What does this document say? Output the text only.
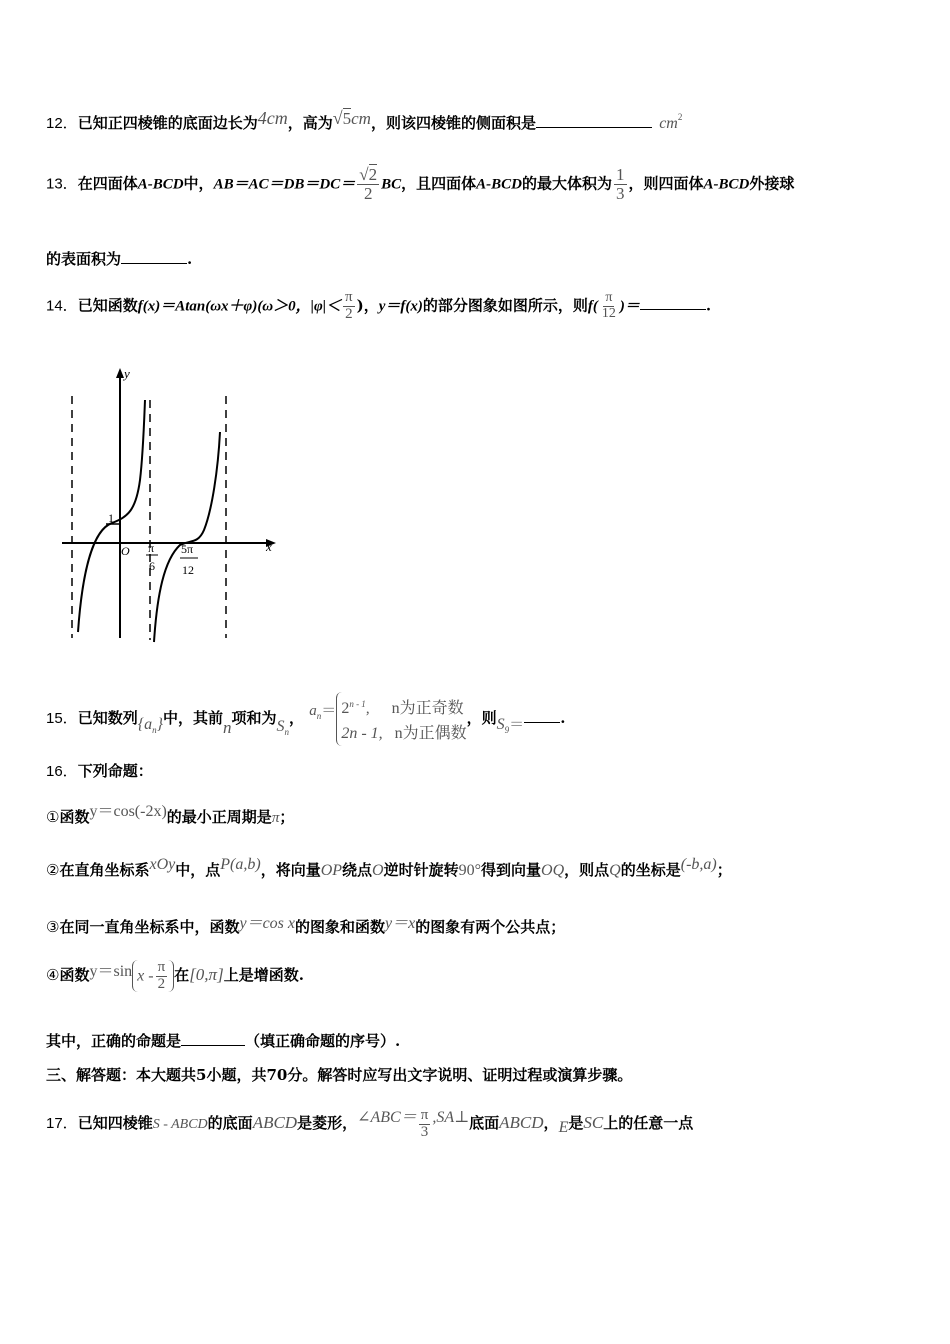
12．已知正四棱锥的底面边长为4cm，高为√5cm，则该四棱锥的侧面积是	$cm^2$
13．在四面体A-BCD中，$AB=AC=DB=DC= \frac{√2}{2}$ BC，且四面体A-BCD的最大体积为 $\frac{1}{3}$ ，则四面体A-BCD外接球
的表面积为	.
14．已知函数f(x)＝Atan(ωx＋φ)(ω＞0，$|\varphi|< \frac{\pi}{2}$ )，y＝f(x)的部分图象如图所示，则$f( \frac{\pi}{12}$ )＝	.
y
x
1
O π
6
5π
12
15．已知数列$\{a_n\}$中，其前n项和为$S_n$， $a_n= 2^{n - 1}$, n为正奇数
2n - 1, n为正偶数
，则$S_9=$ .
16．下列命题：
①函数y＝cos(-2x)的最小正周期是π；
②在直角坐标系xOy中，点P(a,b)，将向量OP绕点O逆时针旋转90°得到向量OQ，则点Q的坐标是(-b,a)；
③在同一直角坐标系中，函数y＝cos x的图象和函数y＝x的图象有两个公共点；
④函数y＝sin x - $\frac{\pi}{2}$ 在[0,π]上是增函数.
其中，正确的命题是	（填正确命题的序号）.
三、解答题：本大题共5小题，共70分。解答时应写出文字说明、证明过程或演算步骤。
17．已知四棱锥S - ABCD的底面ABCD是菱形，∠ABC＝ $\frac{\pi}{3}$ ,SA⊥底面ABCD，E是SC上的任意一点
